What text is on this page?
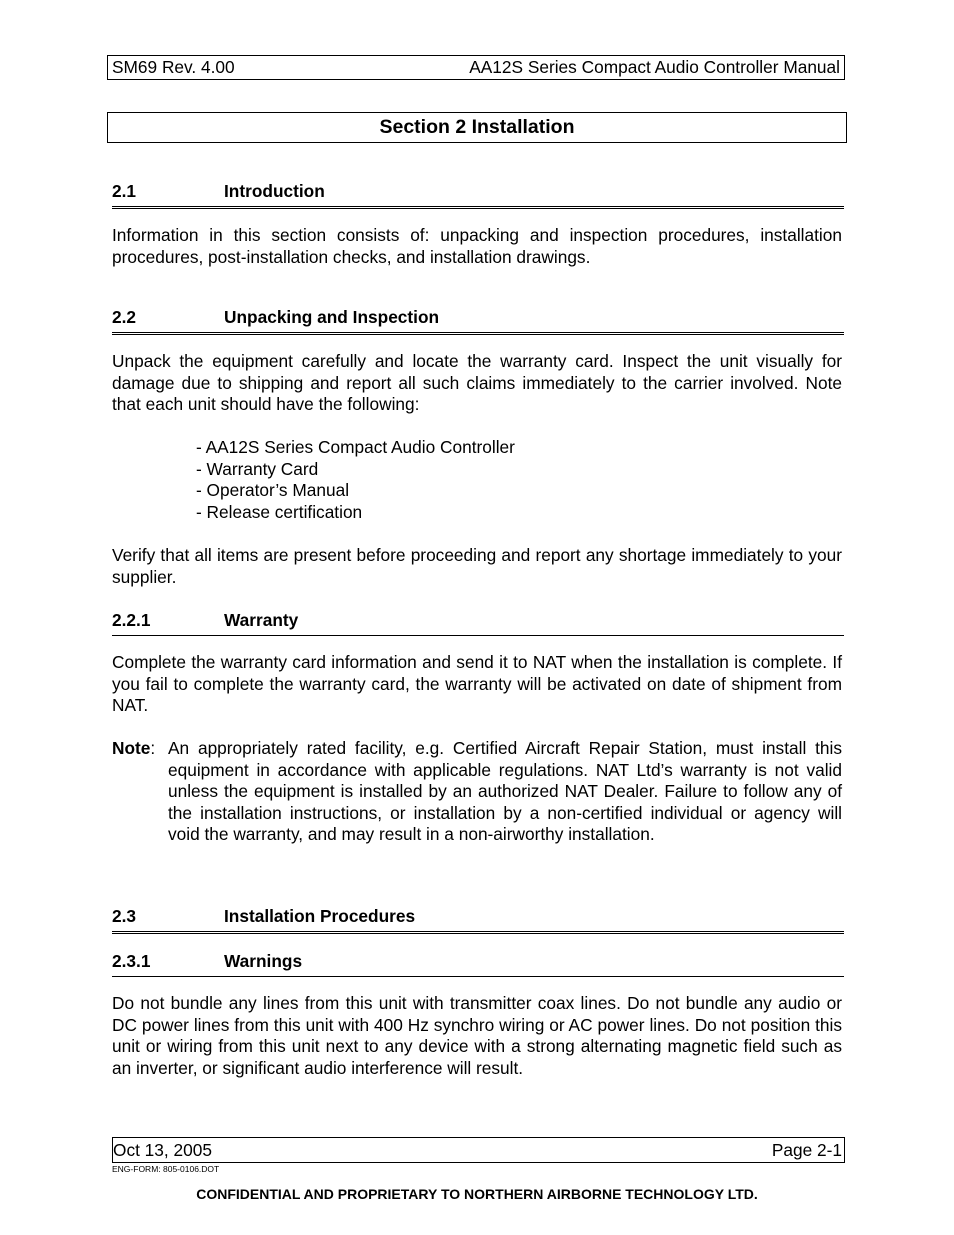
SM69 Rev. 4.00	AA12S Series Compact Audio Controller Manual
Section 2 Installation
2.1	Introduction
Information in this section consists of: unpacking and inspection procedures, installation procedures, post-installation checks, and installation drawings.
2.2	Unpacking and Inspection
Unpack the equipment carefully and locate the warranty card. Inspect the unit visually for damage due to shipping and report all such claims immediately to the carrier involved. Note that each unit should have the following:
- AA12S Series Compact Audio Controller
- Warranty Card
- Operator’s Manual
- Release certification
Verify that all items are present before proceeding and report any shortage immediately to your supplier.
2.2.1	Warranty
Complete the warranty card information and send it to NAT when the installation is complete. If you fail to complete the warranty card, the warranty will be activated on date of shipment from NAT.
Note: An appropriately rated facility, e.g. Certified Aircraft Repair Station, must install this equipment in accordance with applicable regulations. NAT Ltd’s warranty is not valid unless the equipment is installed by an authorized NAT Dealer. Failure to follow any of the installation instructions, or installation by a non-certified individual or agency will void the warranty, and may result in a non-airworthy installation.
2.3	Installation Procedures
2.3.1	Warnings
Do not bundle any lines from this unit with transmitter coax lines. Do not bundle any audio or DC power lines from this unit with 400 Hz synchro wiring or AC power lines. Do not position this unit or wiring from this unit next to any device with a strong alternating magnetic field such as an inverter, or significant audio interference will result.
Oct 13, 2005	Page 2-1
ENG-FORM: 805-0106.DOT
CONFIDENTIAL AND PROPRIETARY TO NORTHERN AIRBORNE TECHNOLOGY LTD.
